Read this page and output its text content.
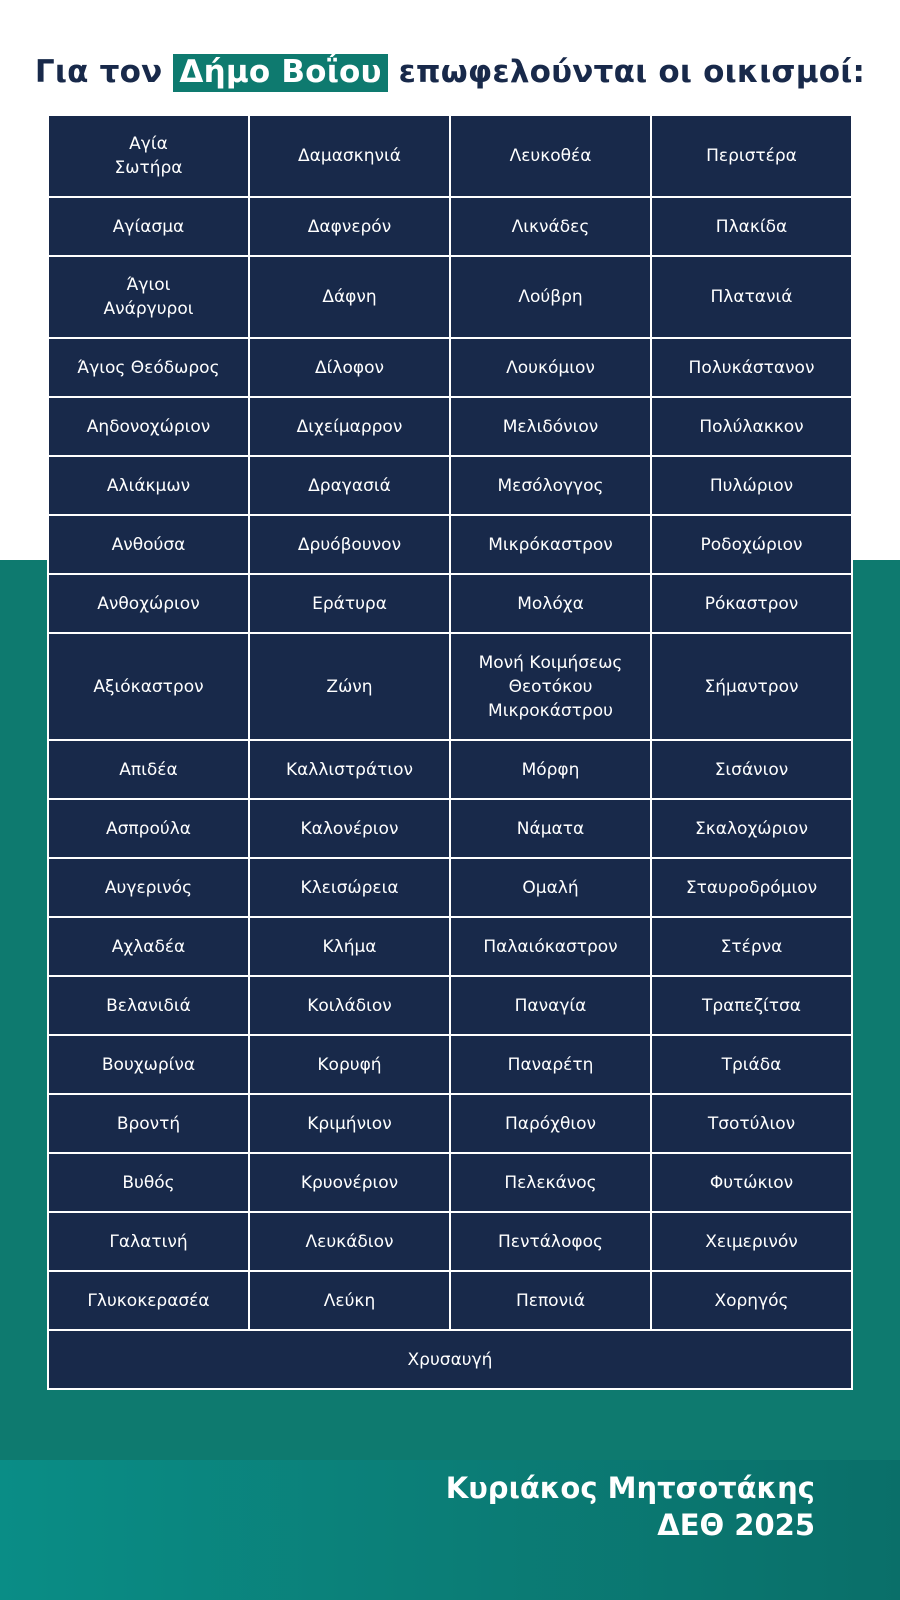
Για τον Δήμο Βοΐου επωφελούνται οι οικισμοί:
Αγία
Σωτήρα	Δαμασκηνιά	Λευκοθέα	Περιστέρα
Αγίασμα	Δαφνερόν	Λικνάδες	Πλακίδα
Άγιοι
Ανάργυροι	Δάφνη	Λούβρη	Πλατανιά
Άγιος Θεόδωρος	Δίλοφον	Λουκόμιον	Πολυκάστανον
Αηδονοχώριον	Διχείμαρρον	Μελιδόνιον	Πολύλακκον
Αλιάκμων	Δραγασιά	Μεσόλογγος	Πυλώριον
Ανθούσα	Δρυόβουνον	Μικρόκαστρον	Ροδοχώριον
Ανθοχώριον	Εράτυρα	Μολόχα	Ρόκαστρον
Αξιόκαστρον	Ζώνη	Μονή Κοιμήσεως
Θεοτόκου
Μικροκάστρου	Σήμαντρον
Απιδέα	Καλλιστράτιον	Μόρφη	Σισάνιον
Ασπρούλα	Καλονέριον	Νάματα	Σκαλοχώριον
Αυγερινός	Κλεισώρεια	Ομαλή	Σταυροδρόμιον
Αχλαδέα	Κλήμα	Παλαιόκαστρον	Στέρνα
Βελανιδιά	Κοιλάδιον	Παναγία	Τραπεζίτσα
Βουχωρίνα	Κορυφή	Παναρέτη	Τριάδα
Βροντή	Κριμήνιον	Παρόχθιον	Τσοτύλιον
Βυθός	Κρυονέριον	Πελεκάνος	Φυτώκιον
Γαλατινή	Λευκάδιον	Πεντάλοφος	Χειμερινόν
Γλυκοκερασέα	Λεύκη	Πεπονιά	Χορηγός
Χρυσαυγή			
Κυριάκος Μητσοτάκης
ΔΕΘ 2025
